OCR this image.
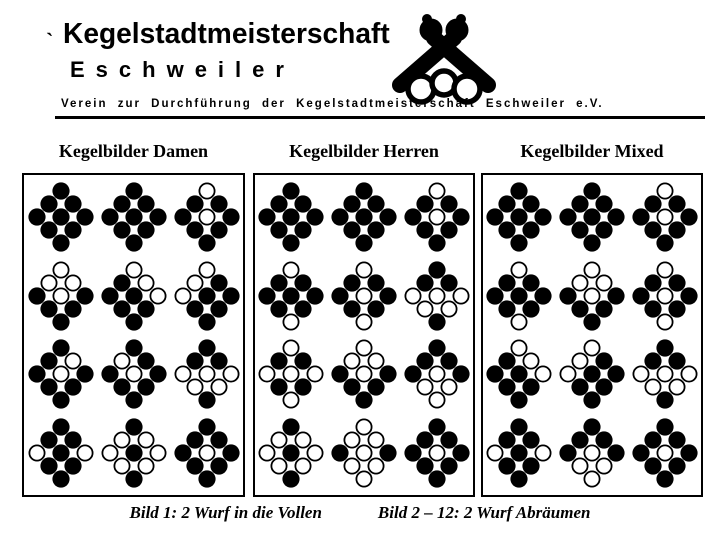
` Kegelstadtmeisterschaft
Eschweiler
Verein zur Durchführung der Kegelstadtmeisterschaft Eschweiler e.V.
Kegelbilder Damen	Kegelbilder Herren	Kegelbilder Mixed
Bild 1: 2 Wurf in die Vollen	Bild 2 – 12: 2 Wurf Abräumen
